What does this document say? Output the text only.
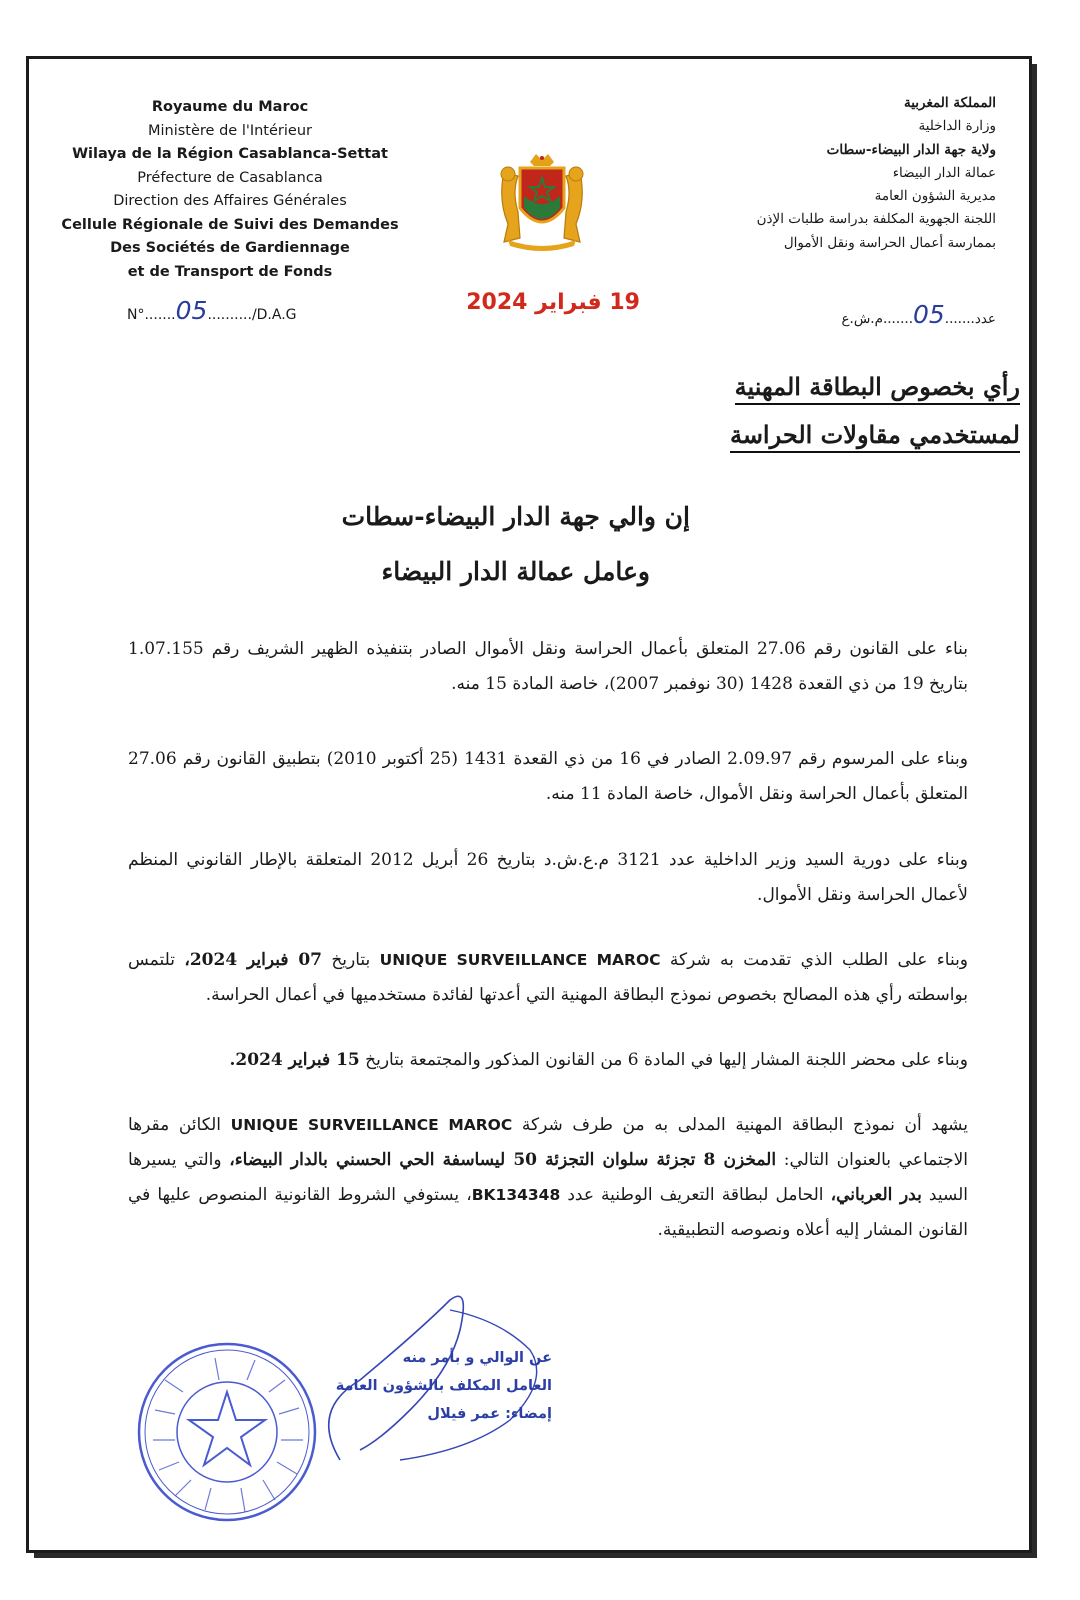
Royaume du Maroc
Ministère de l'Intérieur
Wilaya de la Région Casablanca-Settat
Préfecture de Casablanca
Direction des Affaires Générales
Cellule Régionale de Suivi des Demandes
Des Sociétés de Gardiennage
et de Transport de Fonds
N°.......05........../D.A.G	19 فبراير 2024
المملكة المغربية
وزارة الداخلية
ولاية جهة الدار البيضاء-سطات
عمالة الدار البيضاء
مديرية الشؤون العامة
اللجنة الجهوية المكلفة بدراسة طلبات الإذن
بممارسة أعمال الحراسة ونقل الأموال
عدد.......05.......م.ش.ع
رأي بخصوص البطاقة المهنية
لمستخدمي مقاولات الحراسة
إن والي جهة الدار البيضاء-سطات
وعامل عمالة الدار البيضاء
بناء على القانون رقم 27.06 المتعلق بأعمال الحراسة ونقل الأموال الصادر بتنفيذه الظهير الشريف رقم 1.07.155 بتاريخ 19 من ذي القعدة 1428 (30 نوفمبر 2007)، خاصة المادة 15 منه.
وبناء على المرسوم رقم 2.09.97 الصادر في 16 من ذي القعدة 1431 (25 أكتوبر 2010) بتطبيق القانون رقم 27.06 المتعلق بأعمال الحراسة ونقل الأموال، خاصة المادة 11 منه.
وبناء على دورية السيد وزير الداخلية عدد 3121 م.ع.ش.د بتاريخ 26 أبريل 2012 المتعلقة بالإطار القانوني المنظم لأعمال الحراسة ونقل الأموال.
وبناء على الطلب الذي تقدمت به شركة UNIQUE SURVEILLANCE MAROC بتاريخ 07 فبراير 2024، تلتمس بواسطته رأي هذه المصالح بخصوص نموذج البطاقة المهنية التي أعدتها لفائدة مستخدميها في أعمال الحراسة.
وبناء على محضر اللجنة المشار إليها في المادة 6 من القانون المذكور والمجتمعة بتاريخ 15 فبراير 2024.
يشهد أن نموذج البطاقة المهنية المدلى به من طرف شركة UNIQUE SURVEILLANCE MAROC الكائن مقرها الاجتماعي بالعنوان التالي: المخزن 8 تجزئة سلوان التجزئة 50 ليساسفة الحي الحسني بالدار البيضاء، والتي يسيرها السيد بدر العرباني، الحامل لبطاقة التعريف الوطنية عدد BK134348، يستوفي الشروط القانونية المنصوص عليها في القانون المشار إليه أعلاه ونصوصه التطبيقية.
عن الوالي و بأمر منه
العامل المكلف بالشؤون العامة
إمضاء: عمر فيلال
